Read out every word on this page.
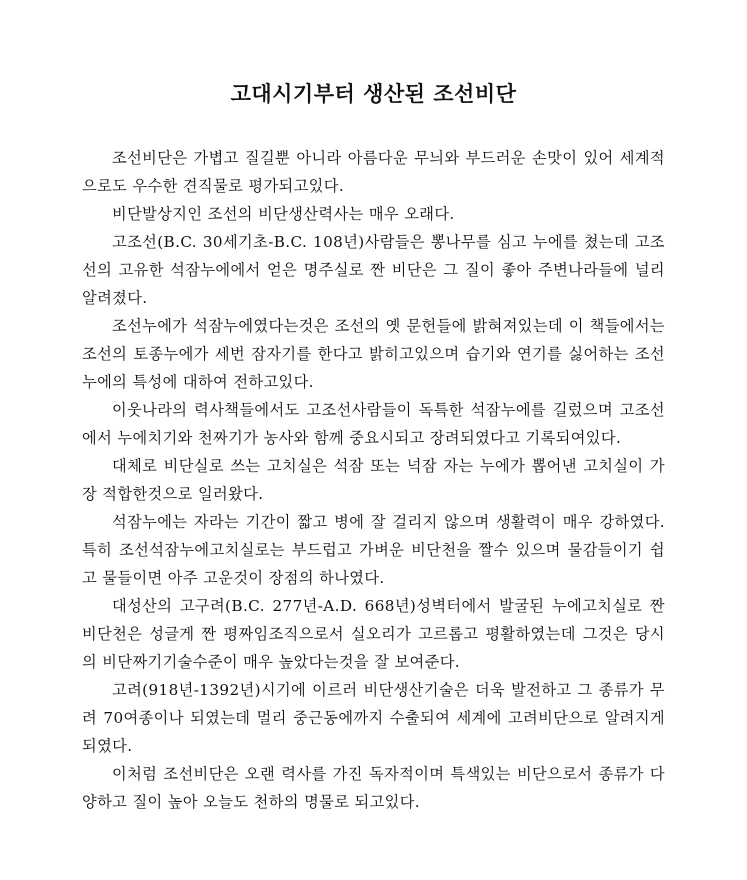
고대시기부터 생산된 조선비단

조선비단은 가볍고 질길뿐 아니라 아름다운 무늬와 부드러운 손맛이 있어 세계적으로도 우수한 견직물로 평가되고있다.

비단발상지인 조선의 비단생산력사는 매우 오래다.

고조선(B.C. 30세기초-B.C. 108년)사람들은 뽕나무를 심고 누에를 쳤는데 고조선의 고유한 석잠누에에서 얻은 명주실로 짠 비단은 그 질이 좋아 주변나라들에 널리 알려졌다.

조선누에가 석잠누에였다는것은 조선의 옛 문헌들에 밝혀져있는데 이 책들에서는 조선의 토종누에가 세번 잠자기를 한다고 밝히고있으며 습기와 연기를 싫어하는 조선누에의 특성에 대하여 전하고있다.

이웃나라의 력사책들에서도 고조선사람들이 독특한 석잠누에를 길렀으며 고조선에서 누에치기와 천짜기가 농사와 함께 중요시되고 장려되였다고 기록되여있다.

대체로 비단실로 쓰는 고치실은 석잠 또는 넉잠 자는 누에가 뽑어낸 고치실이 가장 적합한것으로 일러왔다.

석잠누에는 자라는 기간이 짧고 병에 잘 걸리지 않으며 생활력이 매우 강하였다. 특히 조선석잠누에고치실로는 부드럽고 가벼운 비단천을 짤수 있으며 물감들이기 쉽고 물들이면 아주 고운것이 장점의 하나였다.

대성산의 고구려(B.C. 277년-A.D. 668년)성벽터에서 발굴된 누에고치실로 짠 비단천은 성글게 짠 평짜임조직으로서 실오리가 고르롭고 평활하였는데 그것은 당시의 비단짜기기술수준이 매우 높았다는것을 잘 보여준다.

고려(918년-1392년)시기에 이르러 비단생산기술은 더욱 발전하고 그 종류가 무려 70여종이나 되였는데 멀리 중근동에까지 수출되여 세계에 고려비단으로 알려지게 되였다.

이처럼 조선비단은 오랜 력사를 가진 독자적이며 특색있는 비단으로서 종류가 다양하고 질이 높아 오늘도 천하의 명물로 되고있다.
